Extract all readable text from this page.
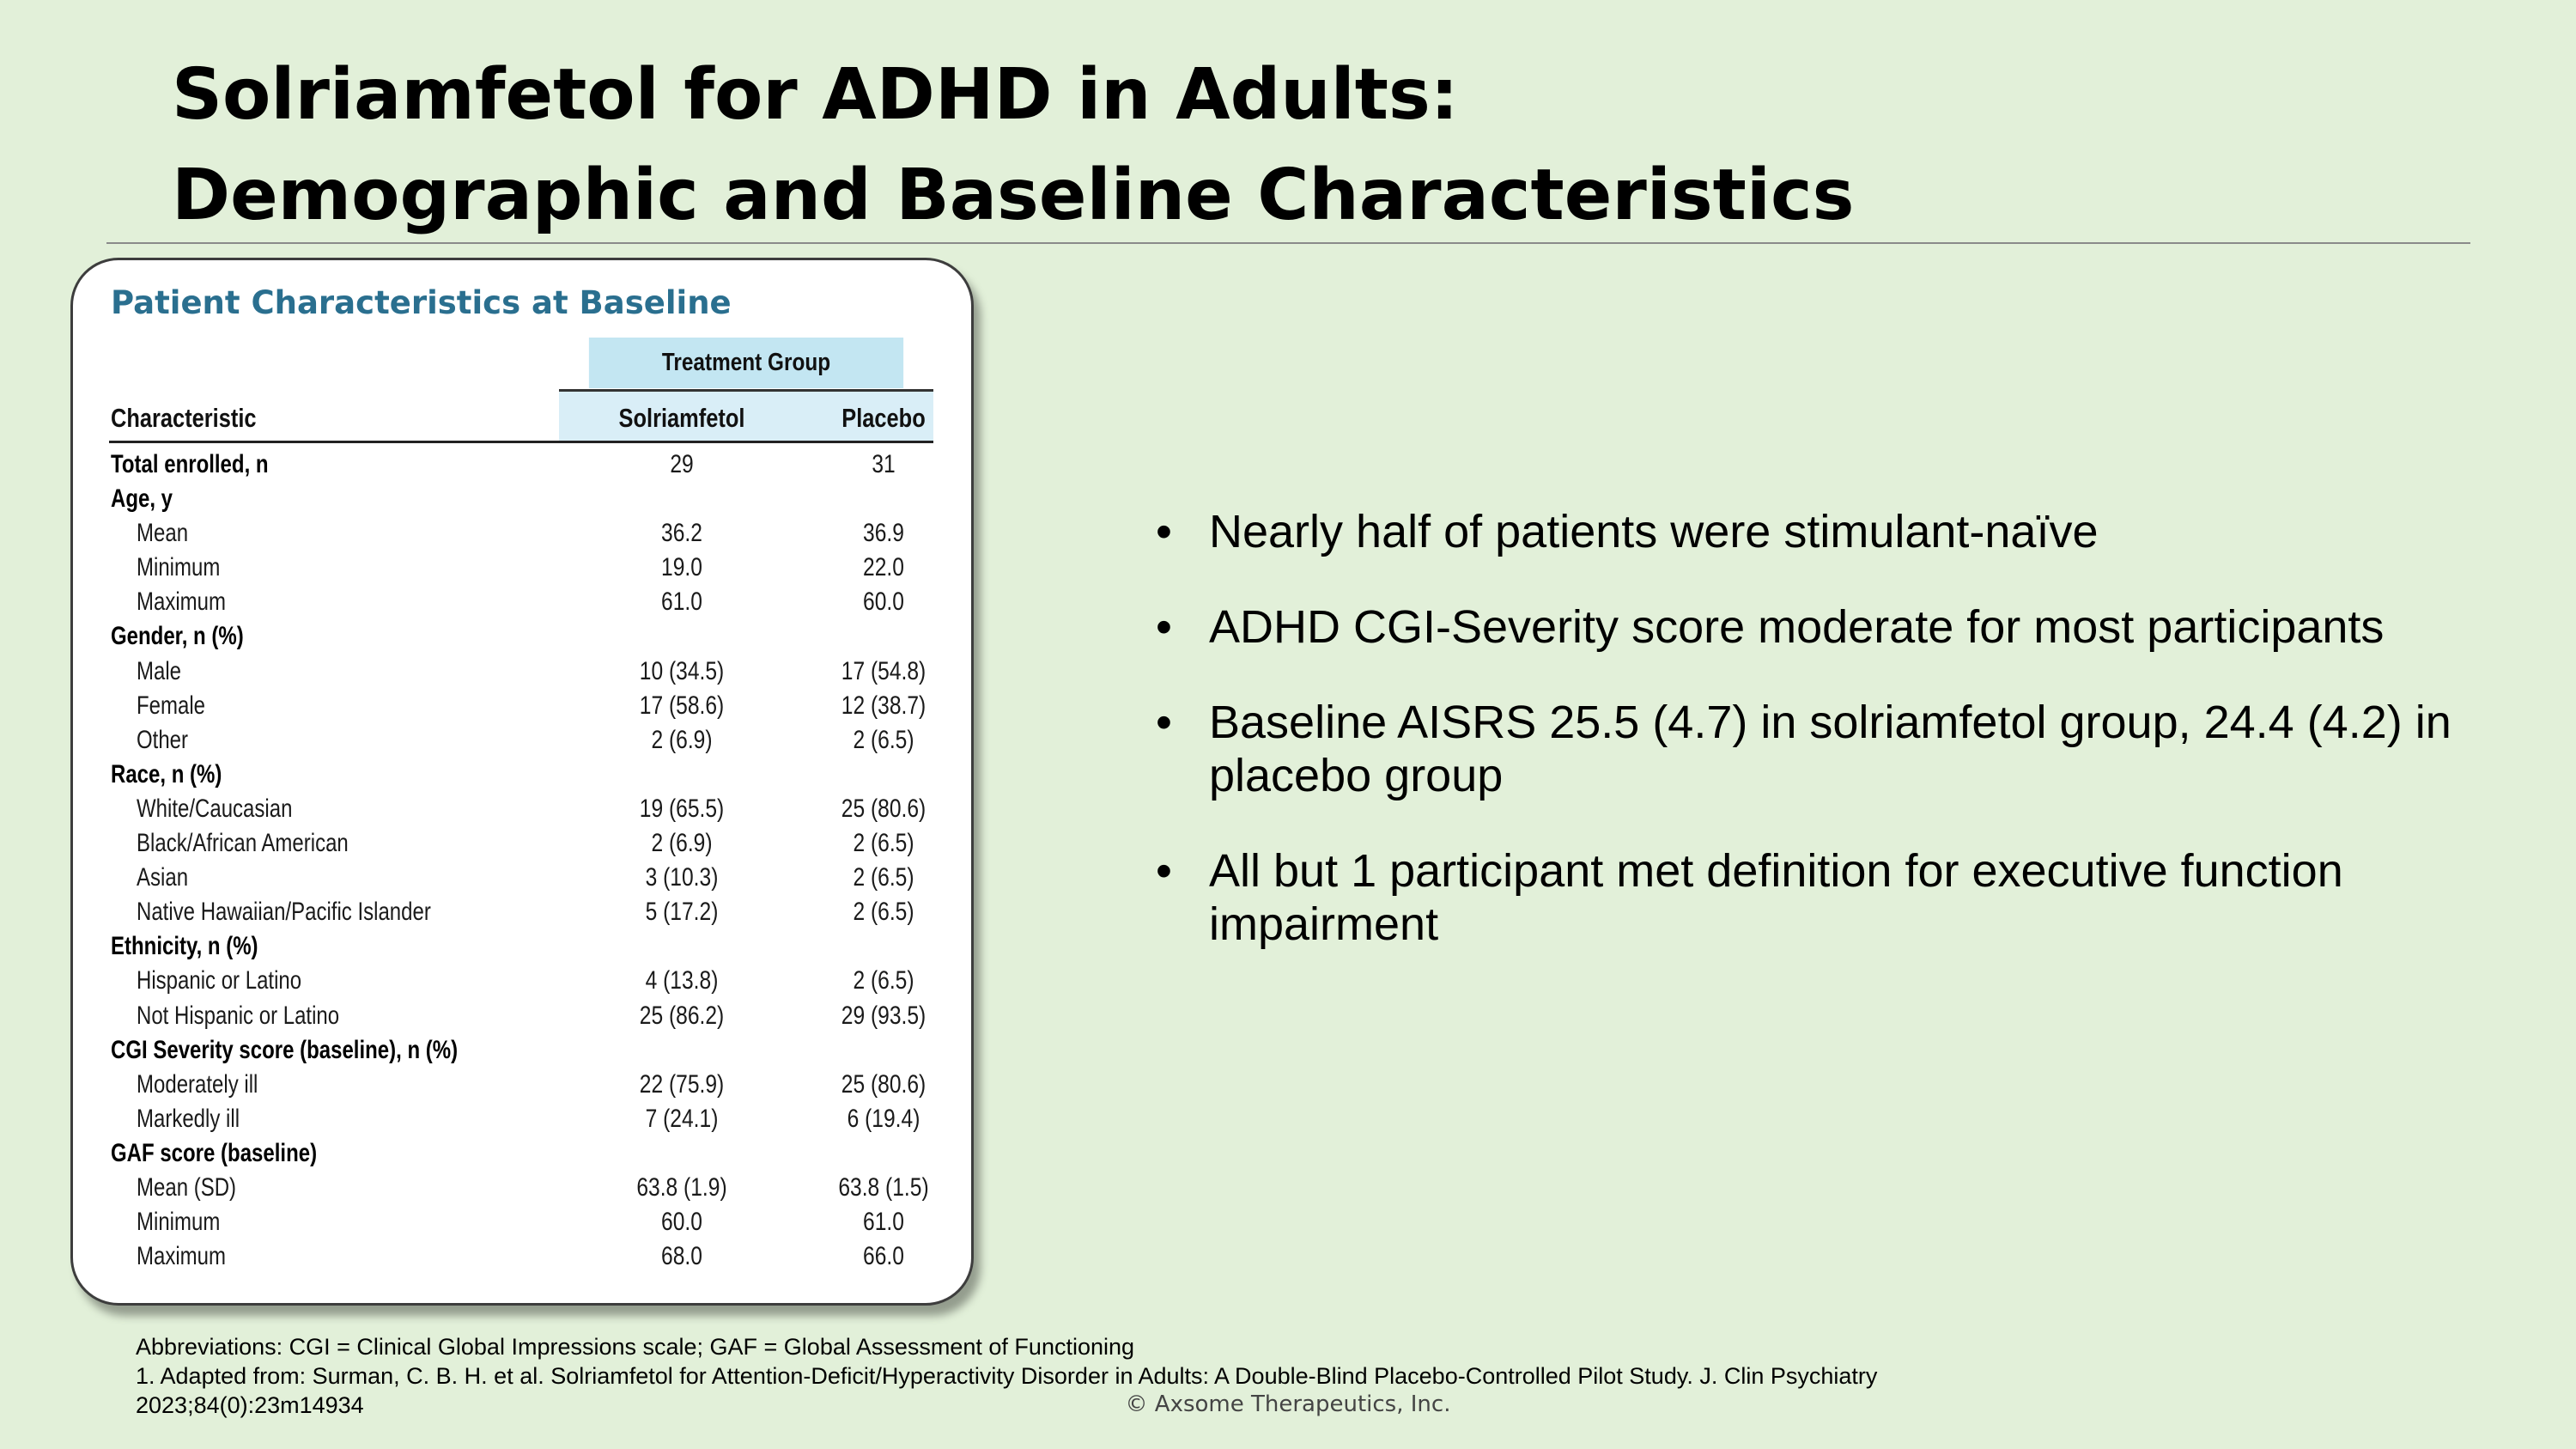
Solriamfetol for ADHD in Adults:
Demographic and Baseline Characteristics
Patient Characteristics at Baseline
Treatment Group
Characteristic	Solriamfetol	Placebo
Total enrolled, n	29	31
Age, y
Mean	36.2	36.9
Minimum	19.0	22.0
Maximum	61.0	60.0
Gender, n (%)
Male	10 (34.5)	17 (54.8)
Female	17 (58.6)	12 (38.7)
Other	2 (6.9)	2 (6.5)
Race, n (%)
White/Caucasian	19 (65.5)	25 (80.6)
Black/African American	2 (6.9)	2 (6.5)
Asian	3 (10.3)	2 (6.5)
Native Hawaiian/Pacific Islander	5 (17.2)	2 (6.5)
Ethnicity, n (%)
Hispanic or Latino	4 (13.8)	2 (6.5)
Not Hispanic or Latino	25 (86.2)	29 (93.5)
CGI Severity score (baseline), n (%)
Moderately ill	22 (75.9)	25 (80.6)
Markedly ill	7 (24.1)	6 (19.4)
GAF score (baseline)
Mean (SD)	63.8 (1.9)	63.8 (1.5)
Minimum	60.0	61.0
Maximum	68.0	66.0
• Nearly half of patients were stimulant-naïve
• ADHD CGI-Severity score moderate for most participants
• Baseline AISRS 25.5 (4.7) in solriamfetol group, 24.4 (4.2) in placebo group
• All but 1 participant met definition for executive function impairment
Abbreviations: CGI = Clinical Global Impressions scale; GAF = Global Assessment of Functioning
1. Adapted from: Surman, C. B. H. et al. Solriamfetol for Attention-Deficit/Hyperactivity Disorder in Adults: A Double-Blind Placebo-Controlled Pilot Study. J. Clin Psychiatry
2023;84(0):23m14934	© Axsome Therapeutics, Inc.
